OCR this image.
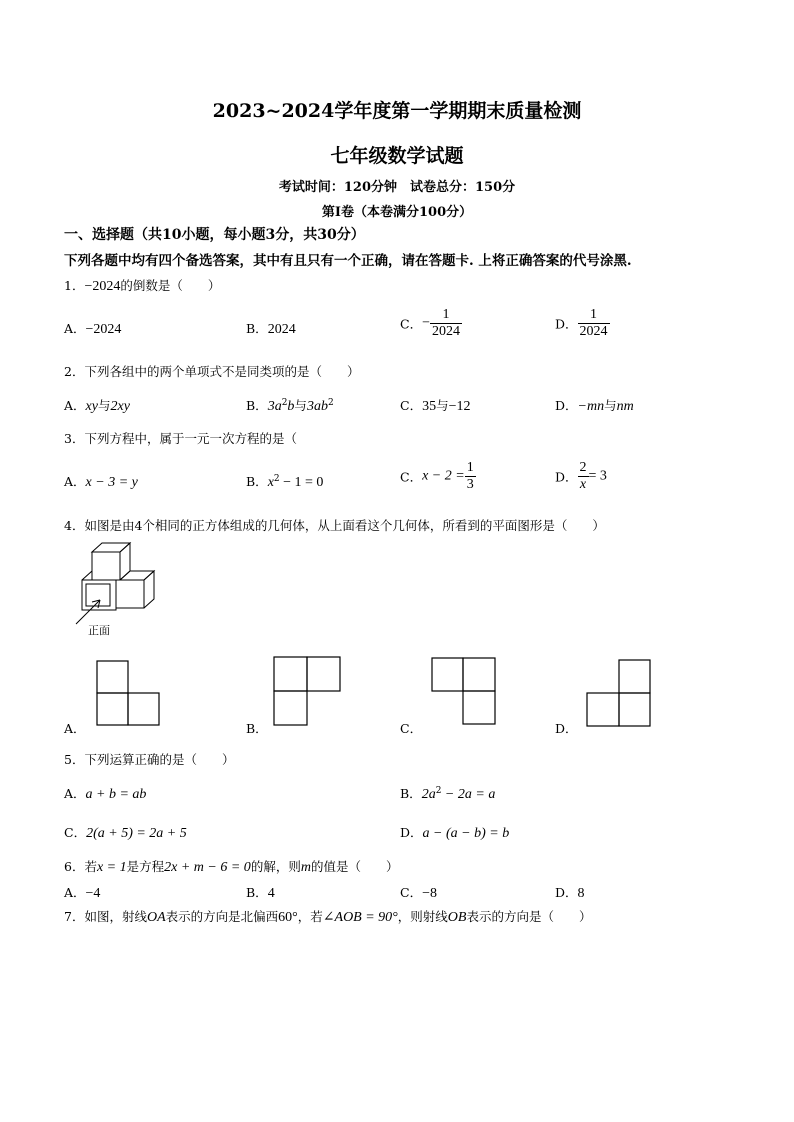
2023~2024学年度第一学期期末质量检测
七年级数学试题
考试时间：120分钟　试卷总分：150分
第I卷（本卷满分100分）
一、选择题（共10小题，每小题3分，共30分）
下列各题中均有四个备选答案，其中有且只有一个正确，请在答题卡. 上将正确答案的代号涂黑.
1．−2024的倒数是（　　）
A．−2024	B．2024	C．− $\frac{1}{2024}$	D． $\frac{1}{2024}$
2．下列各组中的两个单项式不是同类项的是（　　）
A．xy与2xy	B．$3a^2b$与$3ab^2$	C．35与−12	D．−mn与nm
3．下列方程中，属于一元一次方程的是（
A．x − 3 = y	B．$x^2 - 1 = 0$	C．$x - 2 = \frac{1}{3}$	D． $\frac{2}{x} = 3$
4．如图是由4个相同的正方体组成的几何体，从上面看这个几何体，所看到的平面图形是（　　）
正面
A．	B．	C．	D．
5．下列运算正确的是（　　）
A．a + b = ab	B．$2a^2 - 2a = a$
C．2(a + 5) = 2a + 5	D．a − (a − b) = b
6．若x = 1是方程2x + m − 6 = 0的解，则m的值是（　　）
A．−4	B．4	C．−8	D．8
7．如图，射线OA表示的方向是北偏西60°，若∠AOB = 90°，则射线OB表示的方向是（　　）
